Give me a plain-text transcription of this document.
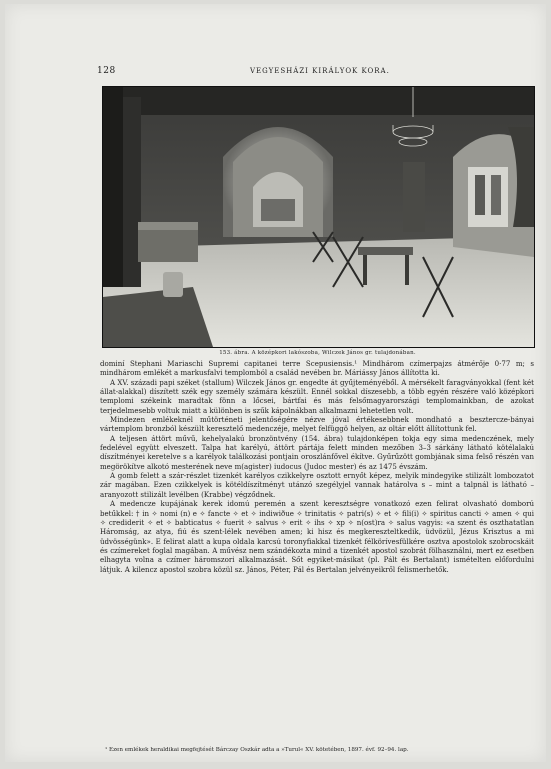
128	VEGYESHÁZI KIRÁLYOK KORA.
153. ábra. A középkori lakószoba, Wilczek János gr. tulajdonában.

dominí Stephani Mariaschi Supremi capitanei terre Scepusiensis.¹ Mindhárom czímerpajzs átmérője 0·77 m; s mindhárom emlékét a markusfalvi templomból a család nevében br. Máriássy János állította ki.

A XV. századi papi széket (stallum) Wilczek János gr. engedte át gyűjteményéből. A mérsékelt faragványokkal (fent két állat-alakkal) díszített szék egy személy számára készült. Ennél sokkal díszesebb, a több egyén részére való középkori templomi székeink maradtak fönn a lőcsei, bártfai és más felsőmagyarországi templomainkban, de azokat terjedelmesebb voltuk miatt a különben is szűk kápolnákban alkalmazni lehetetlen volt.

Mindezen emlékeknél műtörténeti jelentőségére nézve jóval értékesebbnek mondható a besztercze-bányai vártemplom bronzból készült keresztelő medenczéje, melyet felfüggö helyen, az oltár előtt állítottunk fel.

A teljesen áttört művű, kehelyalakú bronzöntvény (154. ábra) tulajdonképen tokja egy sima medenczének, mely fedelével együtt elveszett. Talpa hat karélyú, áttört pártája felett minden mezőben 3–3 sárkány látható kötélalakú díszítményei keretelve s a karélyok találkozási pontjain oroszlánfővel ékítve. Gyűrűzött gombjának sima felső részén van megörökítve alkotó mesterének neve m(agister) iudocus (Judoc mester) és az 1475 évszám.

A gomb felett a szár-részlet tizenkét karélyos czikkelyre osztott ernyőt képez, melyik mindegyike stilizált lombozatot zár magában. Ezen czikkelyek is kötéldíszítményt utánzó szegélyjel vannak határolva s – mint a talpnál is látható – aranyozott stilizált levélben (Krabbe) végződnek.

A medencze kupájának kerek idomú peremén a szent keresztségre vonatkozó ezen felirat olvasható domború betűkkel: † in ✧ nomi (n) e ✧ fancte ✧ et ✧ indiwiðue ✧ trinitatis ✧ patri(s) ✧ et ✧ fili(i) ✧ spiritus cancti ✧ amen ✧ qui ✧ crediderit ✧ et ✧ babticatus ✧ fuerit ✧ salvus ✧ erit ✧ ihs ✧ xp ✧ n(ost)ra ✧ salus vagyis: «a szent és oszthatatlan Háromság, az atya, fiú és szent-lélek nevében amen; ki hisz és megkereszteltkedik, üdvözül, Jézus Krisztus a mi üdvösségünk». E felirat alatt a kupa oldala karcsú toronyfiakkal tizenkét félkörívesfülkére osztva apostolok szobrocskáit és czímereket foglal magában. A művész nem szándékozta mind a tizenkét apostol szobrát fölhasználni, mert ez esetben elhagyta volna a czímer háromszori alkalmazását. Sőt egyiket-másikat (pl. Pált és Bertalant) ismételten előfordulni látjuk. A kilencz apostol szobra közül sz. János, Péter, Pál és Bertalan jelvényeikről felismerhetők.

¹ Ezen emlékek heraldikai megfejtését Bárczay Oszkár adta a »Turul« XV. kötetében, 1897. évf. 92–94. lap.
